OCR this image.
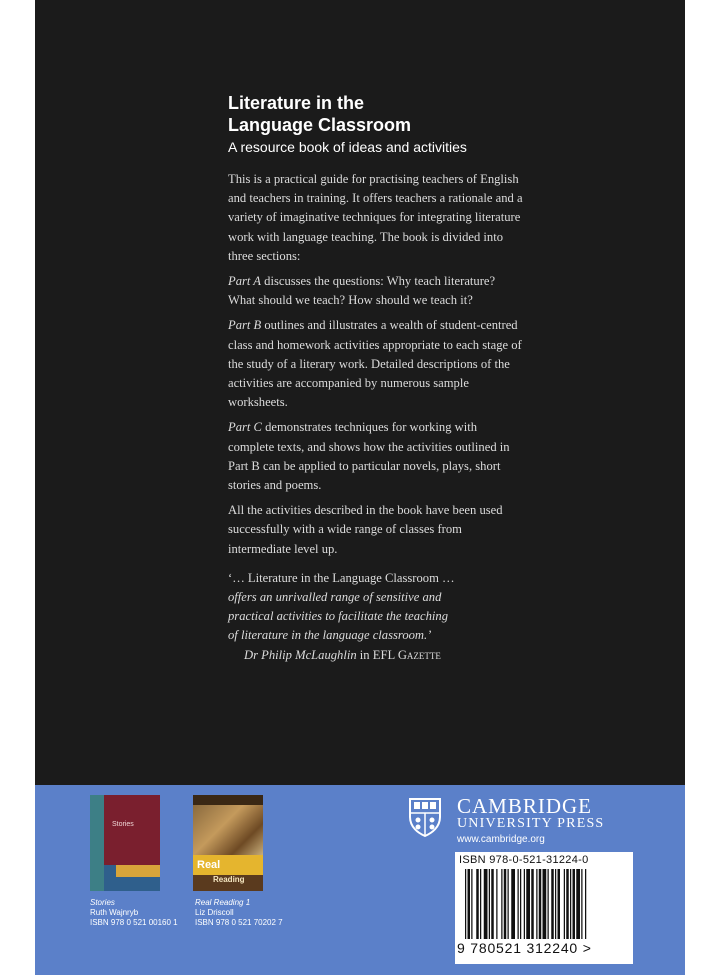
Literature in the
Language Classroom
A resource book of ideas and activities

This is a practical guide for practising teachers of English and teachers in training. It offers teachers a rationale and a variety of imaginative techniques for integrating literature work with language teaching. The book is divided into three sections:

Part A discusses the questions: Why teach literature? What should we teach? How should we teach it?

Part B outlines and illustrates a wealth of student-centred class and homework activities appropriate to each stage of the study of a literary work. Detailed descriptions of the activities are accompanied by numerous sample worksheets.

Part C demonstrates techniques for working with complete texts, and shows how the activities outlined in Part B can be applied to particular novels, plays, short stories and poems.

All the activities described in the book have been used successfully with a wide range of classes from intermediate level up.

‘… Literature in the Language Classroom …
offers an unrivalled range of sensitive and
practical activities to facilitate the teaching
of literature in the language classroom.’
Dr Philip McLaughlin in EFL Gazette
Stories
Real
Reading
Stories
Ruth Wajnryb
ISBN 978 0 521 00160 1
Real Reading 1
Liz Driscoll
ISBN 978 0 521 70202 7
CAMBRIDGE
UNIVERSITY PRESS
www.cambridge.org
ISBN 978-0-521-31224-0
9 780521 312240 >
